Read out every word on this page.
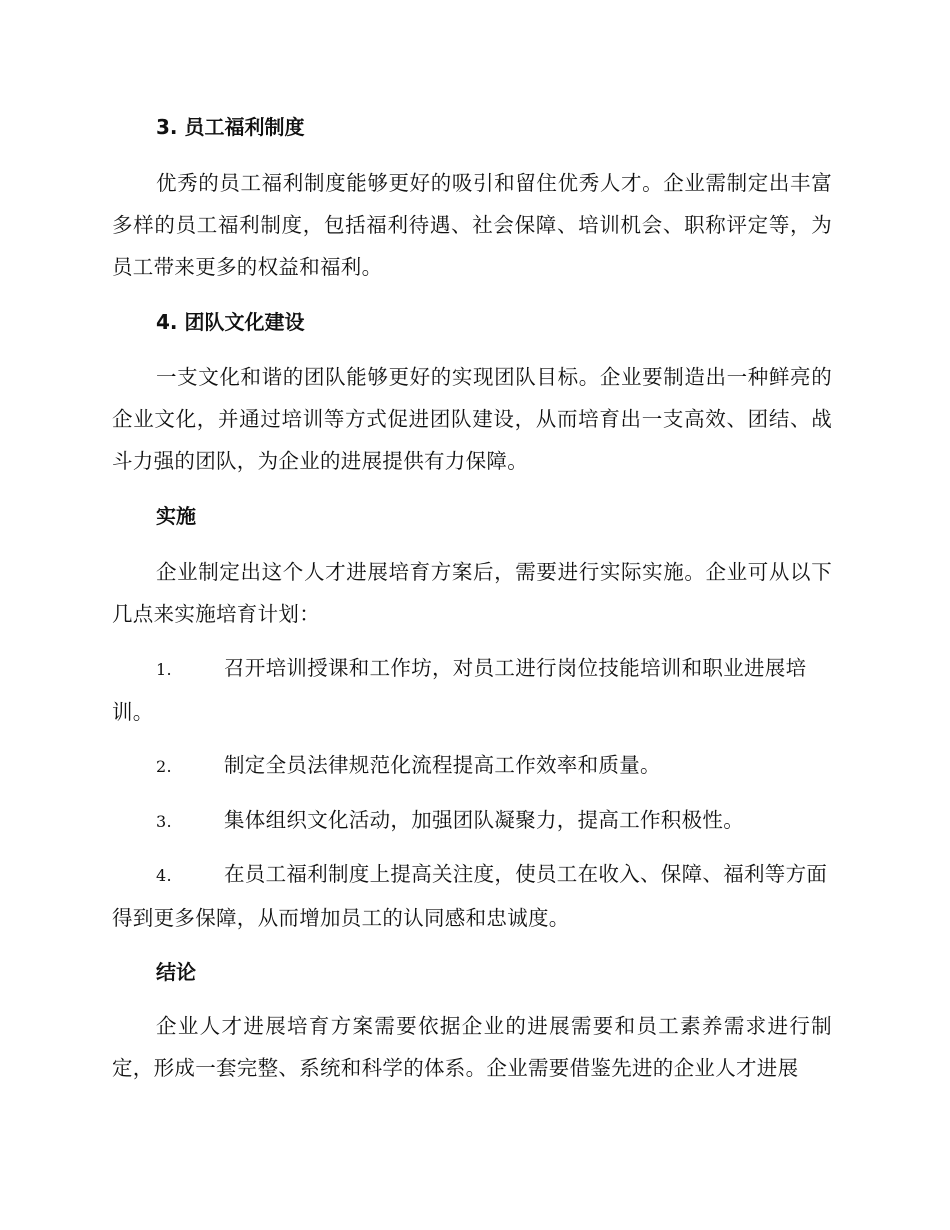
3. 员工福利制度

优秀的员工福利制度能够更好的吸引和留住优秀人才。企业需制定出丰富多样的员工福利制度，包括福利待遇、社会保障、培训机会、职称评定等，为员工带来更多的权益和福利。

4. 团队文化建设

一支文化和谐的团队能够更好的实现团队目标。企业要制造出一种鲜亮的企业文化，并通过培训等方式促进团队建设，从而培育出一支高效、团结、战斗力强的团队，为企业的进展提供有力保障。

实施

企业制定出这个人才进展培育方案后，需要进行实际实施。企业可从以下几点来实施培育计划：

1.	召开培训授课和工作坊，对员工进行岗位技能培训和职业进展培训。

2.	制定全员法律规范化流程提高工作效率和质量。

3.	集体组织文化活动，加强团队凝聚力，提高工作积极性。

4.	在员工福利制度上提高关注度，使员工在收入、保障、福利等方面得到更多保障，从而增加员工的认同感和忠诚度。

结论

企业人才进展培育方案需要依据企业的进展需要和员工素养需求进行制定，形成一套完整、系统和科学的体系。企业需要借鉴先进的企业人才进展
